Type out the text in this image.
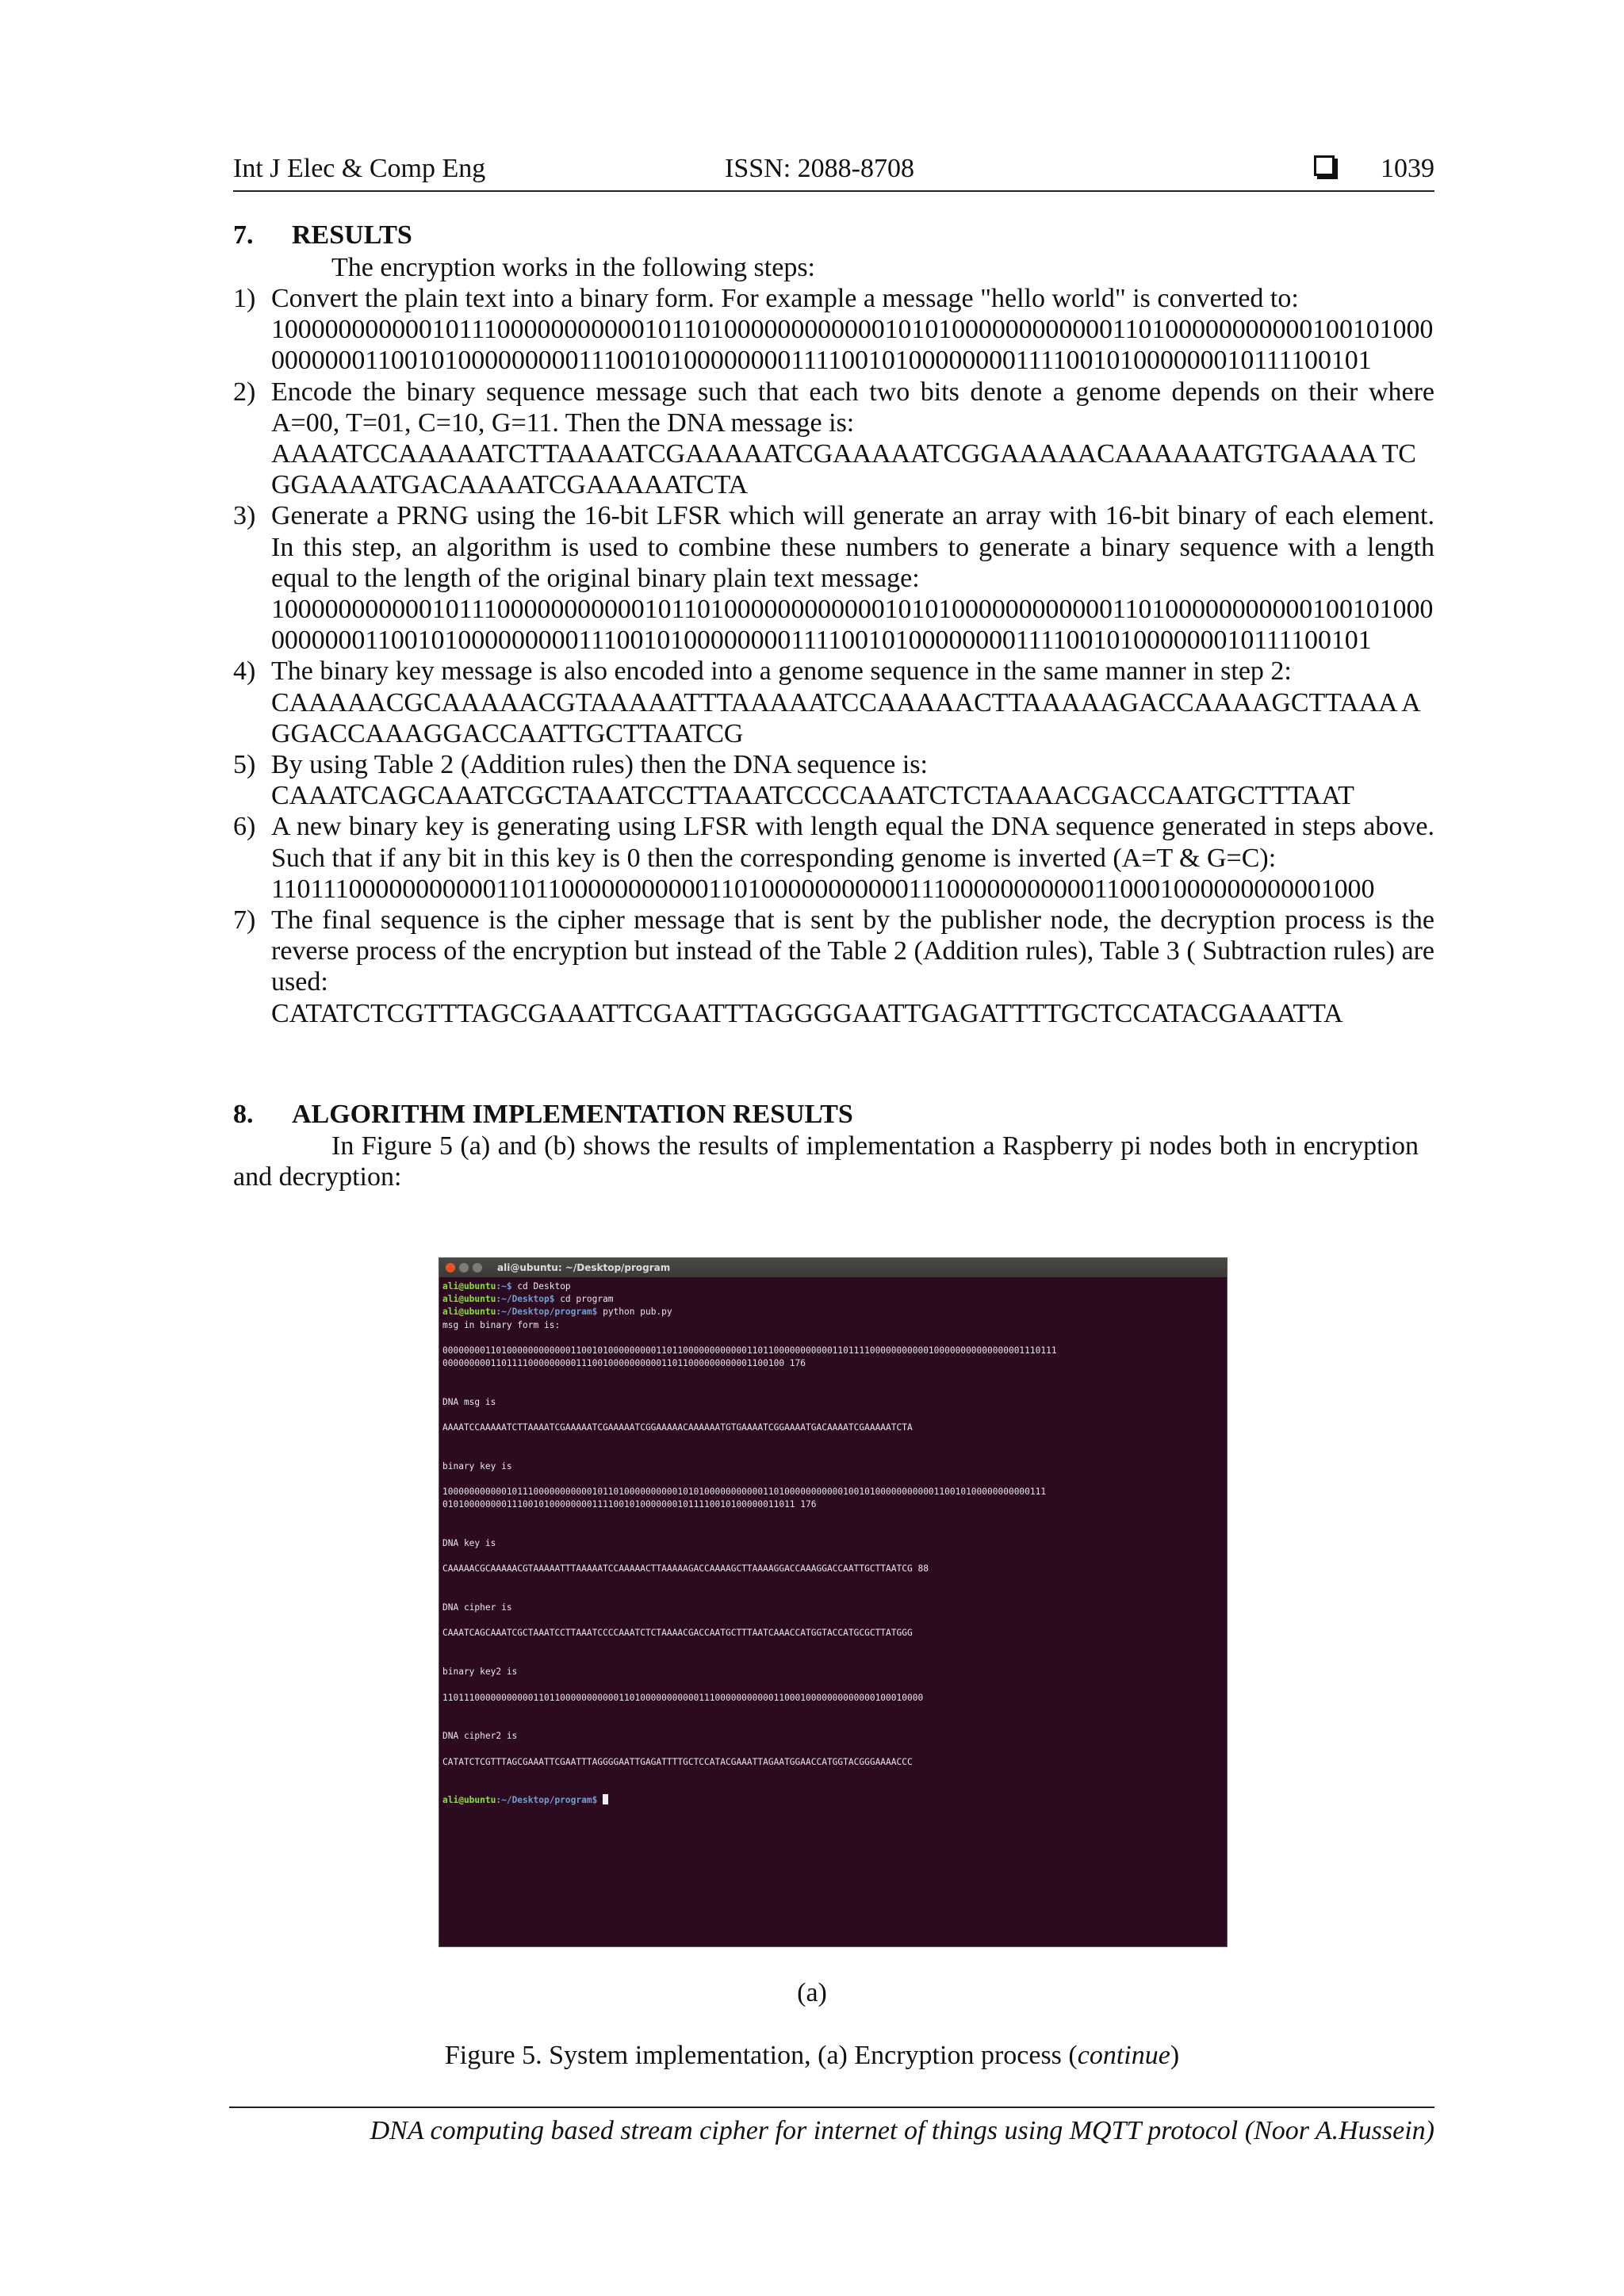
Int J Elec & Comp Eng	ISSN: 2088-8708	1039
7. RESULTS
The encryption works in the following steps:
1) Convert the plain text into a binary form. For example a message "hello world" is converted to:
100000000000101110000000000010110100000000000010101000000000000110100000000000100101000 00000001100101000000000111001010000000011110010100000000111100101000000010111100101
2) Encode the binary sequence message such that each two bits denote a genome depends on their where A=00, T=01, C=10, G=11. Then the DNA message is:
AAAATCCAAAAATCTTAAAATCGAAAAATCGAAAAATCGGAAAAACAAAAAATGTGAAAA TCGGAAAATGACAAAATCGAAAAATCTA
3) Generate a PRNG using the 16-bit LFSR which will generate an array with 16-bit binary of each element. In this step, an algorithm is used to combine these numbers to generate a binary sequence with a length equal to the length of the original binary plain text message:
100000000000101110000000000010110100000000000010101000000000000110100000000000100101000 00000001100101000000000111001010000000011110010100000000111100101000000010111100101
4) The binary key message is also encoded into a genome sequence in the same manner in step 2:
CAAAAACGCAAAAACGTAAAAATTTAAAAATCCAAAAACTTAAAAAGACCAAAAGCTTAAA AGGACCAAAGGACCAATTGCTTAATCG
5) By using Table 2 (Addition rules) then the DNA sequence is:
CAAATCAGCAAATCGCTAAATCCTTAAATCCCCAAATCTCTAAAACGACCAATGCTTTAAT
6) A new binary key is generating using LFSR with length equal the DNA sequence generated in steps above. Such that if any bit in this key is 0 then the corresponding genome is inverted (A=T & G=C):
11011100000000000110110000000000011010000000000011100000000000110001000000000001000
7) The final sequence is the cipher message that is sent by the publisher node, the decryption process is the reverse process of the encryption but instead of the Table 2 (Addition rules), Table 3 ( Subtraction rules) are used:
CATATCTCGTTTAGCGAAATTCGAATTTAGGGGAATTGAGATTTTGCTCCATACGAAATTA
8. ALGORITHM IMPLEMENTATION RESULTS
In Figure 5 (a) and (b) shows the results of implementation a Raspberry pi nodes both in encryption and decryption:
ali@ubuntu: ~/Desktop/program
ali@ubuntu:~$ cd Desktop
ali@ubuntu:~/Desktop$ cd program
ali@ubuntu:~/Desktop/program$ python pub.py
msg in binary form is:

0000000011010000000000001100101000000000110110000000000001101100000000000110111100000000000100000000000000001110111
0000000001101111000000000111001000000000011011000000000001100100 176

DNA msg is

AAAATCCAAAAATCTTAAAATCGAAAAATCGAAAAATCGGAAAAACAAAAAATGTGAAAATCGGAAAATGACAAAATCGAAAAATCTA

binary key is

10000000000010111000000000001011010000000000101010000000000011010000000000010010100000000000110010100000000000111
010100000000111001010000000011110010100000001011110010100000011011 176

DNA key is

CAAAAACGCAAAAACGTAAAAATTTAAAAATCCAAAAACTTAAAAAGACCAAAAGCTTAAAAGGACCAAAGGACCAATTGCTTAATCG 88

DNA cipher is

CAAATCAGCAAATCGCTAAATCCTTAAATCCCCAAATCTCTAAAACGACCAATGCTTTAATCAAACCATGGTACCATGCGCTTATGGG

binary key2 is

110111000000000001101100000000000110100000000000111000000000001100010000000000000100010000

DNA cipher2 is

CATATCTCGTTTAGCGAAATTCGAATTTAGGGGAATTGAGATTTTGCTCCATACGAAATTAGAATGGAACCATGGTACGGGAAAACCC

ali@ubuntu:~/Desktop/program$
(a)
Figure 5. System implementation, (a) Encryption process (continue)
DNA computing based stream cipher for internet of things using MQTT protocol (Noor A.Hussein)
